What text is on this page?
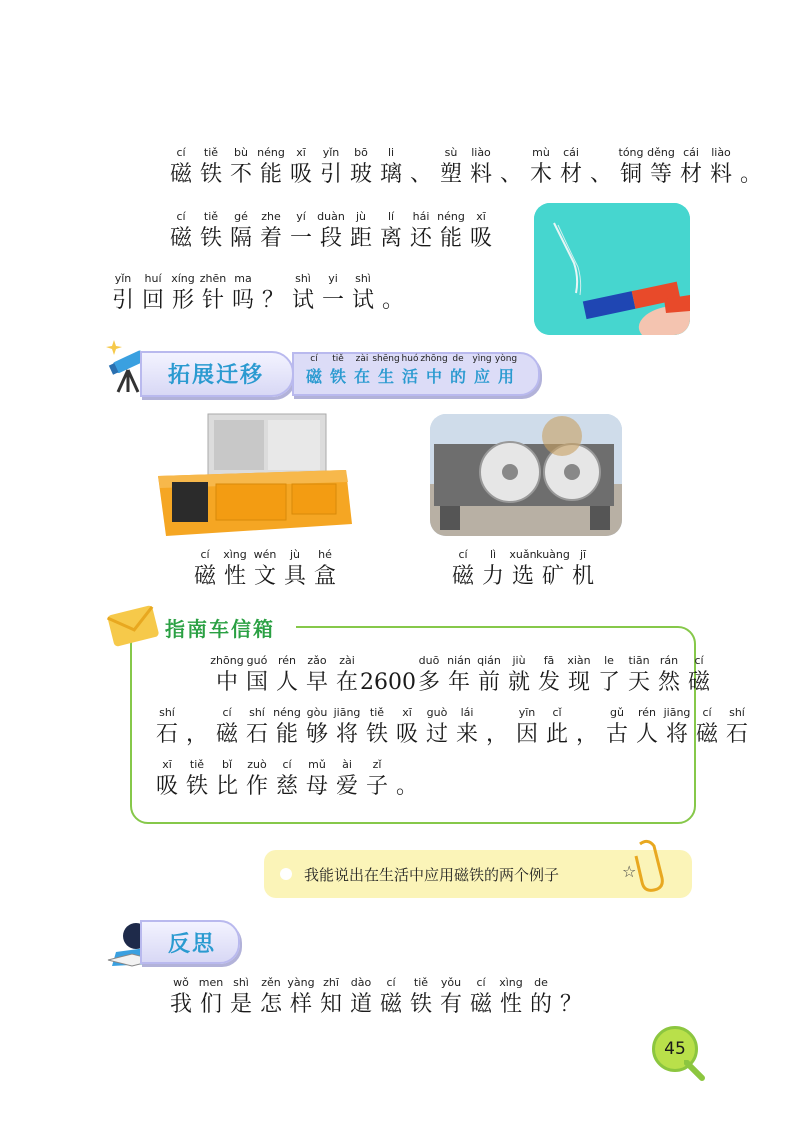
cí
磁
tiě
铁
bù
不
néng
能
xī
吸
yǐn
引
bō
玻
li
璃 、
sù
塑
liào
料 、
mù
木
cái
材 、
tóng
铜
děng
等
cái
材
liào
料 。
cí
磁
tiě
铁
gé
隔
zhe
着
yí
一
duàn
段
jù
距
lí
离
hái
还
néng
能
xī
吸
yǐn
引
huí
回
xíng
形
zhēn
针
ma
吗 ？
shì
试
yi
一
shì
试 。
拓展迁移
cí
磁
tiě
铁
zài
在
shēng
生
huó
活
zhōng
中
de
的
yìng
应
yòng
用
cí
磁
xìng
性
wén
文
jù
具
hé
盒
cí
磁
lì
力
xuǎn
选
kuàng
矿
jī
机
指南车信箱
zhōng
中
guó
国
rén
人
zǎo
早
zài
在 2600
duō
多
nián
年
qián
前
jiù
就
fā
发
xiàn
现
le
了
tiān
天
rán
然
cí
磁
shí
石 ，
cí
磁
shí
石
néng
能
gòu
够
jiāng
将
tiě
铁
xī
吸
guò
过
lái
来 ，
yīn
因
cǐ
此 ，
gǔ
古
rén
人
jiāng
将
cí
磁
shí
石
xī
吸
tiě
铁
bǐ
比
zuò
作
cí
慈
mǔ
母
ài
爱
zǐ
子 。
我能说出在生活中应用磁铁的两个例子	☆
反思
wǒ
我
men
们
shì
是
zěn
怎
yàng
样
zhī
知
dào
道
cí
磁
tiě
铁
yǒu
有
cí
磁
xìng
性
de
的 ？
45
